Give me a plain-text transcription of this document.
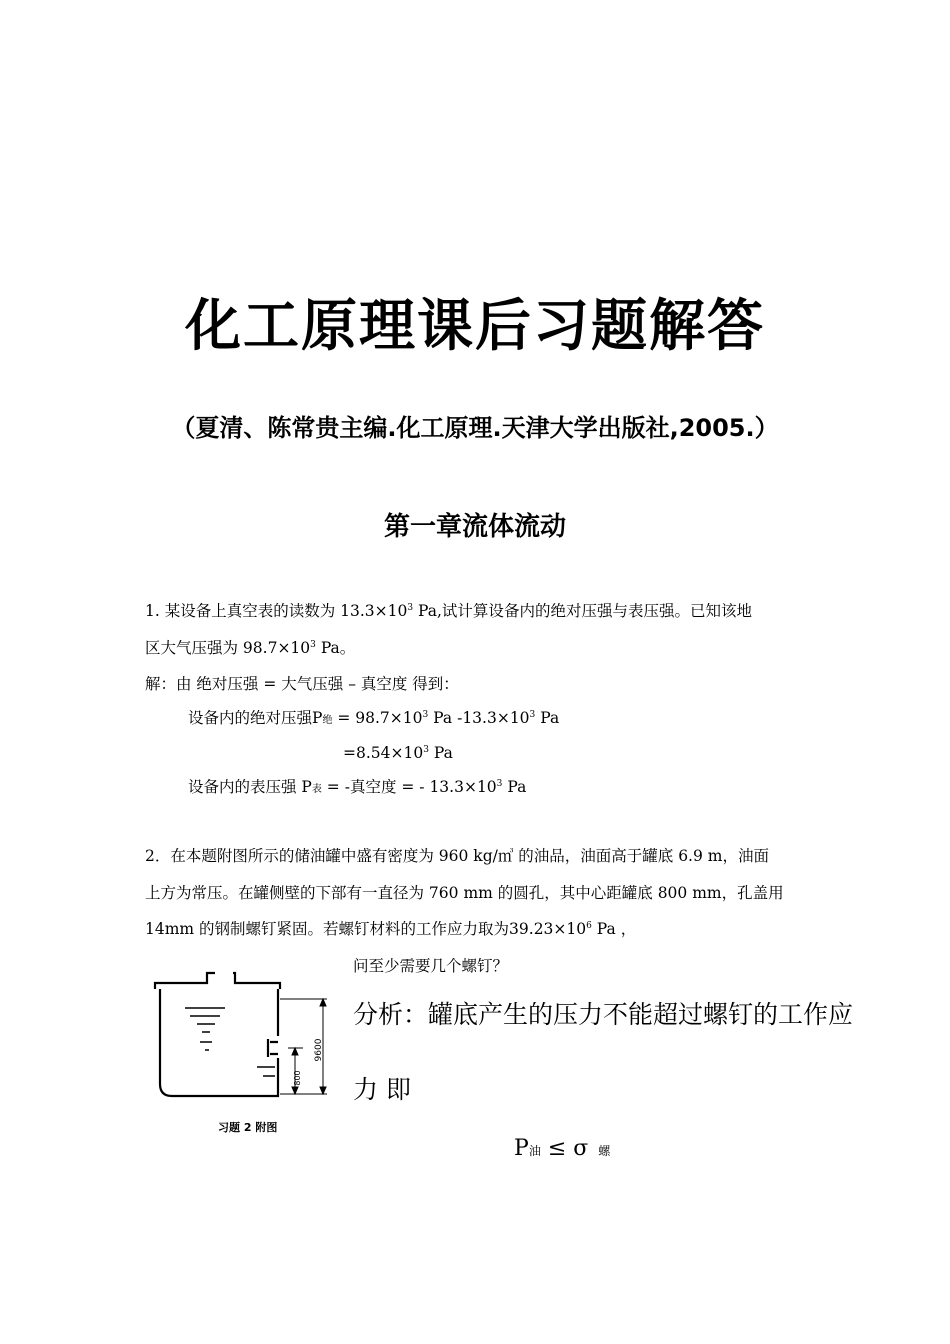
化工原理课后习题解答
（夏清、陈常贵主编.化工原理.天津大学出版社,2005.）
第一章流体流动
1. 某设备上真空表的读数为 $13.3\times 10^3$ Pa,试计算设备内的绝对压强与表压强。已知该地
区大气压强为 $98.7\times 10^3$ Pa。
解：由 绝对压强 = 大气压强 – 真空度 得到：
设备内的绝对压强P绝 = $98.7\times 10^3$ Pa $-13.3\times 10^3$ Pa
$=8.54\times 10^3$ Pa
设备内的表压强 P表 = -真空度 = - $13.3\times 10^3$ Pa
2．在本题附图所示的储油罐中盛有密度为 960 kg/㎥ 的油品，油面高于罐底 6.9 m，油面
上方为常压。在罐侧壁的下部有一直径为 760 mm 的圆孔，其中心距罐底 800 mm，孔盖用
14mm 的钢制螺钉紧固。若螺钉材料的工作应力取为$39.23\times 10^6$ Pa ，
问至少需要几个螺钉？
9600
800
习题 2 附图
分析：罐底产生的压力不能超过螺钉的工作应
力 即
P油 ≤ σ 螺
